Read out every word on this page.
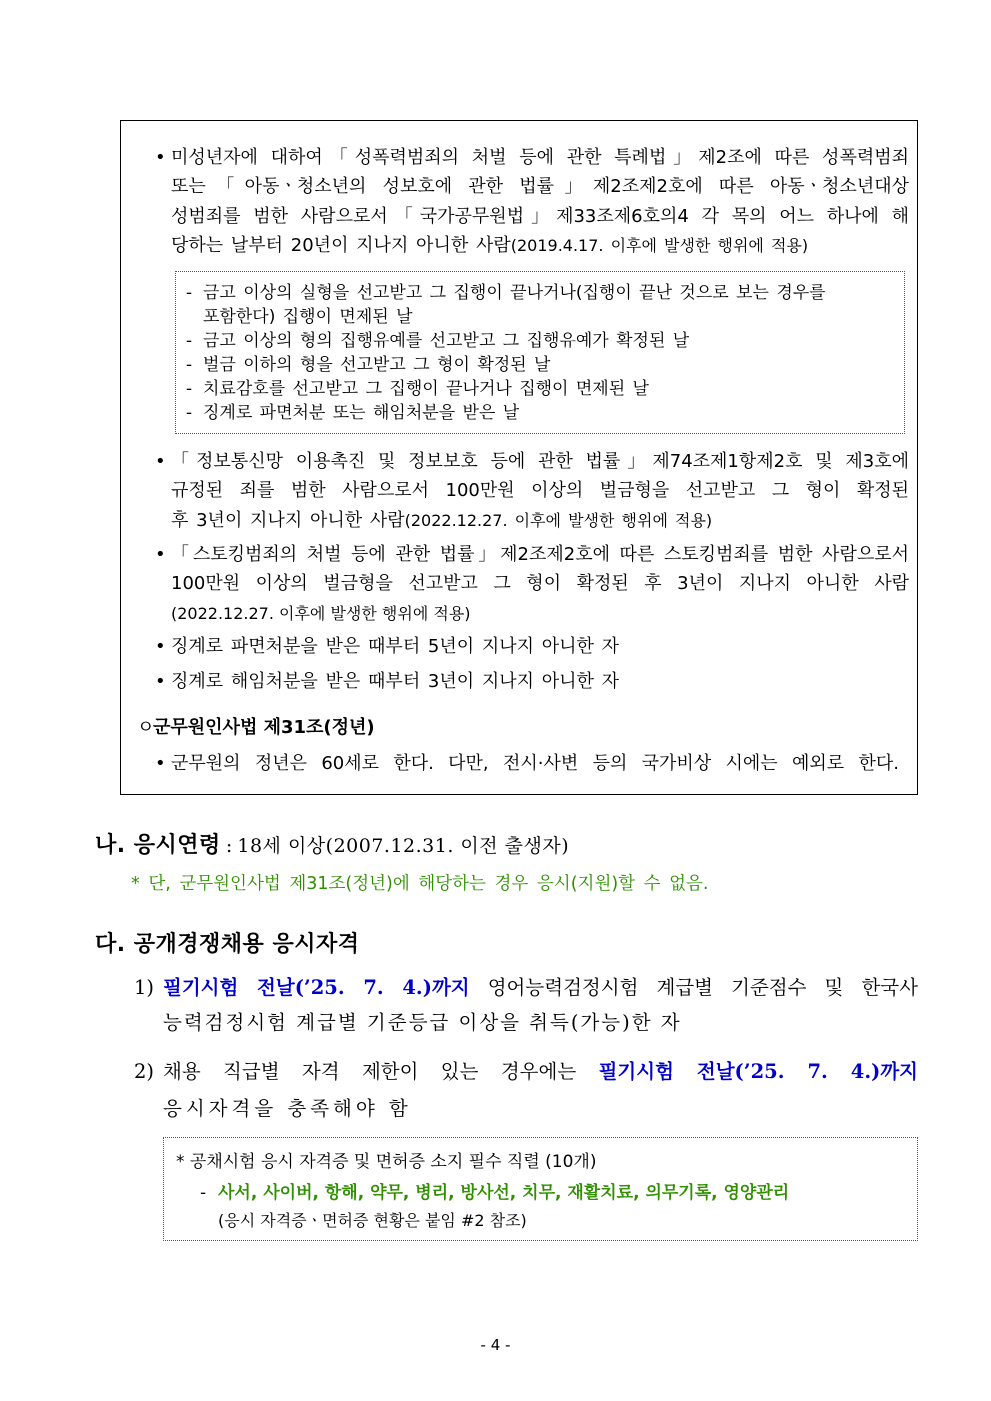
• 미성년자에 대하여「성폭력범죄의 처벌 등에 관한 특례법」제2조에 따른 성폭력범죄
또는「아동ㆍ청소년의 성보호에 관한 법률」제2조제2호에 따른 아동ㆍ청소년대상
성범죄를 범한 사람으로서「국가공무원법」제33조제6호의4 각 목의 어느 하나에 해
당하는 날부터 20년이 지나지 아니한 사람(2019.4.17. 이후에 발생한 행위에 적용)
- 금고 이상의 실형을 선고받고 그 집행이 끝나거나(집행이 끝난 것으로 보는 경우를
포함한다) 집행이 면제된 날
- 금고 이상의 형의 집행유예를 선고받고 그 집행유예가 확정된 날
- 벌금 이하의 형을 선고받고 그 형이 확정된 날
- 치료감호를 선고받고 그 집행이 끝나거나 집행이 면제된 날
- 징계로 파면처분 또는 해임처분을 받은 날
• 「정보통신망 이용촉진 및 정보보호 등에 관한 법률」제74조제1항제2호 및 제3호에
규정된 죄를 범한 사람으로서 100만원 이상의 벌금형을 선고받고 그 형이 확정된
후 3년이 지나지 아니한 사람(2022.12.27. 이후에 발생한 행위에 적용)
• 「스토킹범죄의 처벌 등에 관한 법률」제2조제2호에 따른 스토킹범죄를 범한 사람으로서
100만원 이상의 벌금형을 선고받고 그 형이 확정된 후 3년이 지나지 아니한 사람
(2022.12.27. 이후에 발생한 행위에 적용)
• 징계로 파면처분을 받은 때부터 5년이 지나지 아니한 자
• 징계로 해임처분을 받은 때부터 3년이 지나지 아니한 자
ㅇ
군무원인사법 제31조(정년)
• 군무원의 정년은 60세로 한다. 다만, 전시·사변 등의 국가비상 시에는 예외로 한다.
나. 응시연령 : 18세 이상(2007.12.31. 이전 출생자)
* 단, 군무원인사법 제31조(정년)에 해당하는 경우 응시(지원)할 수 없음.
다. 공개경쟁채용 응시자격
1) 필기시험 전날(’25. 7. 4.)까지 영어능력검정시험 계급별 기준점수 및 한국사
능력검정시험 계급별 기준등급 이상을 취득(가능)한 자
2) 채용 직급별 자격 제한이 있는 경우에는 필기시험 전날(’25. 7. 4.)까지
응시자격을 충족해야 함
* 공채시험 응시 자격증 및 면허증 소지 필수 직렬 (10개)
- 사서, 사이버, 항해, 약무, 병리, 방사선, 치무, 재활치료, 의무기록, 영양관리
(응시 자격증ㆍ면허증 현황은 붙임 #2 참조)
- 4 -
